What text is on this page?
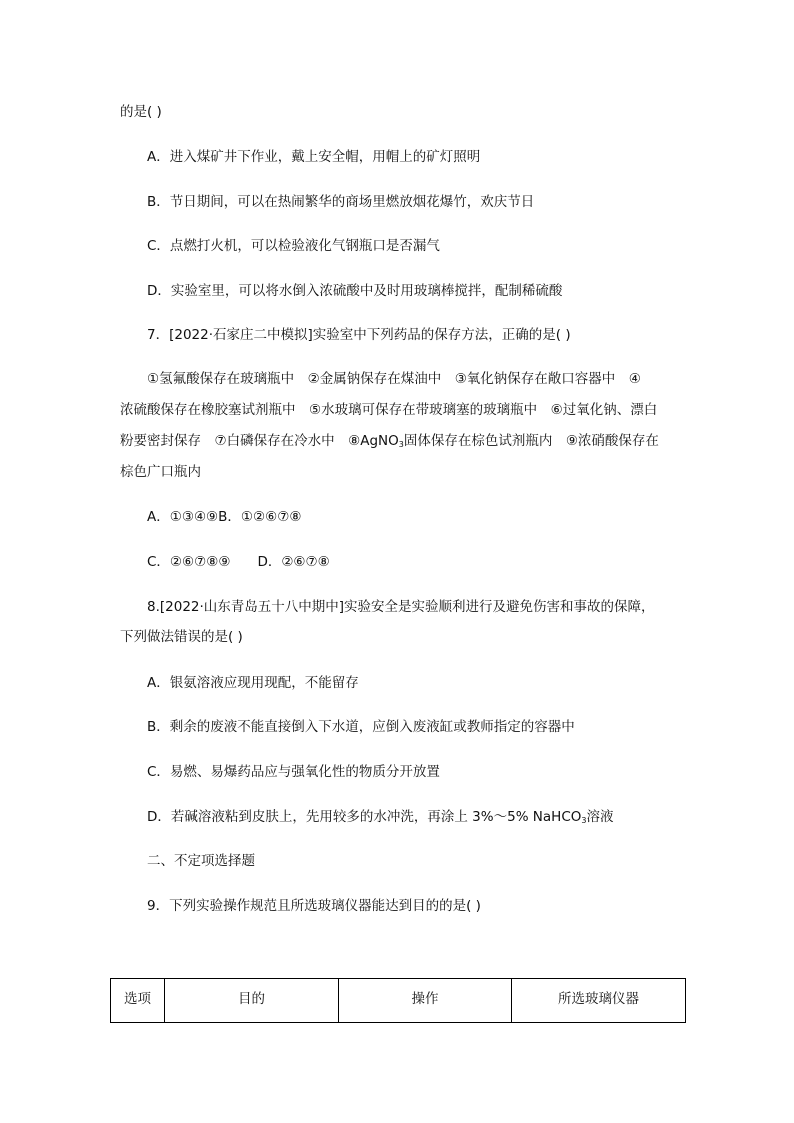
的是( )
A．进入煤矿井下作业，戴上安全帽，用帽上的矿灯照明
B．节日期间，可以在热闹繁华的商场里燃放烟花爆竹，欢庆节日
C．点燃打火机，可以检验液化气钢瓶口是否漏气
D．实验室里，可以将水倒入浓硫酸中及时用玻璃棒搅拌，配制稀硫酸
7．[2022·石家庄二中模拟]实验室中下列药品的保存方法，正确的是( )
①氢氟酸保存在玻璃瓶中　②金属钠保存在煤油中　③氧化钠保存在敞口容器中　④
浓硫酸保存在橡胶塞试剂瓶中　⑤水玻璃可保存在带玻璃塞的玻璃瓶中　⑥过氧化钠、漂白
粉要密封保存　⑦白磷保存在冷水中　⑧AgNO$_3$固体保存在棕色试剂瓶内　⑨浓硝酸保存在
棕色广口瓶内
A．①③④⑨B．①②⑥⑦⑧
C．②⑥⑦⑧⑨　　D．②⑥⑦⑧
8.[2022·山东青岛五十八中期中]实验安全是实验顺利进行及避免伤害和事故的保障，
下列做法错误的是( )
A．银氨溶液应现用现配，不能留存
B．剩余的废液不能直接倒入下水道，应倒入废液缸或教师指定的容器中
C．易燃、易爆药品应与强氧化性的物质分开放置
D．若碱溶液粘到皮肤上，先用较多的水冲洗，再涂上 3%～5% NaHCO$_3$溶液
二、不定项选择题
9．下列实验操作规范且所选玻璃仪器能达到目的的是( )
选项	目的	操作	所选玻璃仪器
